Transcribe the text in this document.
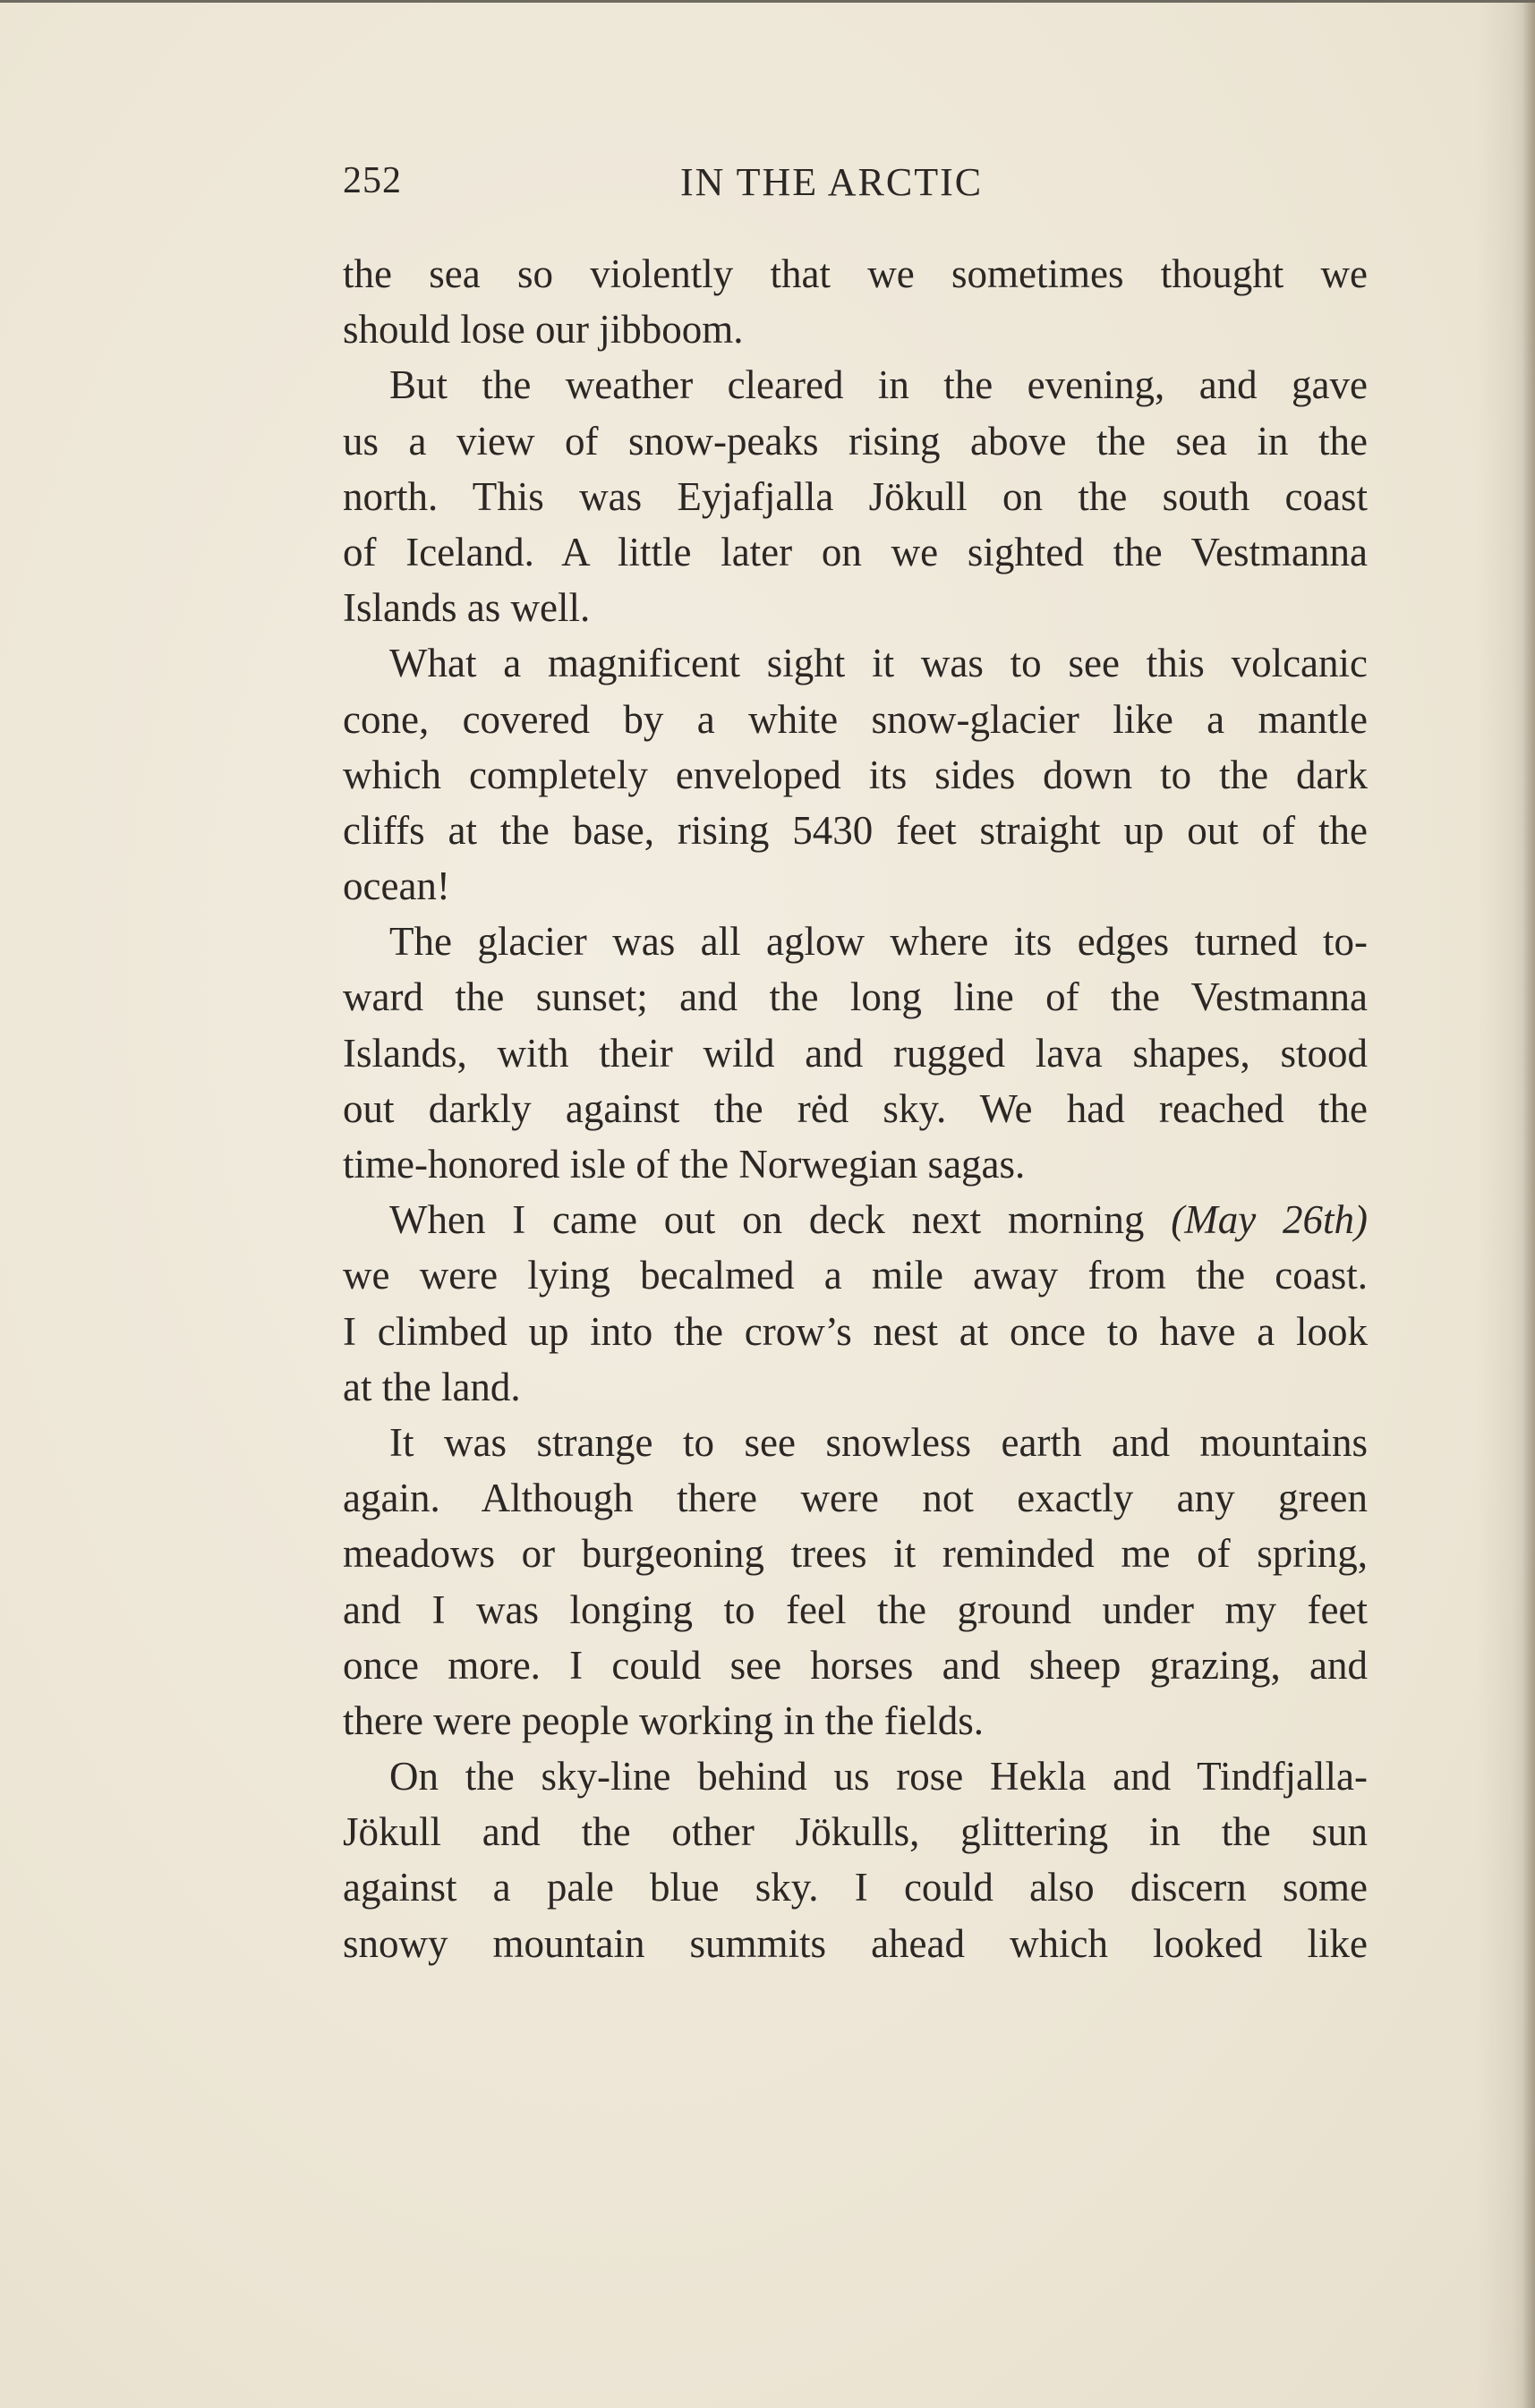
252	IN THE ARCTIC
the sea so violently that we sometimes thought we
should lose our jibboom.
But the weather cleared in the evening, and gave
us a view of snow-peaks rising above the sea in the
north. This was Eyjafjalla Jökull on the south coast
of Iceland. A little later on we sighted the Vestmanna
Islands as well.
What a magnificent sight it was to see this volcanic
cone, covered by a white snow-glacier like a mantle
which completely enveloped its sides down to the dark
cliffs at the base, rising 5430 feet straight up out of the
ocean!
The glacier was all aglow where its edges turned to-
ward the sunset; and the long line of the Vestmanna
Islands, with their wild and rugged lava shapes, stood
out darkly against the rėd sky. We had reached the
time-honored isle of the Norwegian sagas.
When I came out on deck next morning (May 26th)
we were lying becalmed a mile away from the coast.
I climbed up into the crow’s nest at once to have a look
at the land.
It was strange to see snowless earth and mountains
again. Although there were not exactly any green
meadows or burgeoning trees it reminded me of spring,
and I was longing to feel the ground under my feet
once more. I could see horses and sheep grazing, and
there were people working in the fields.
On the sky-line behind us rose Hekla and Tindfjalla-
Jökull and the other Jökulls, glittering in the sun
against a pale blue sky. I could also discern some
snowy mountain summits ahead which looked like
